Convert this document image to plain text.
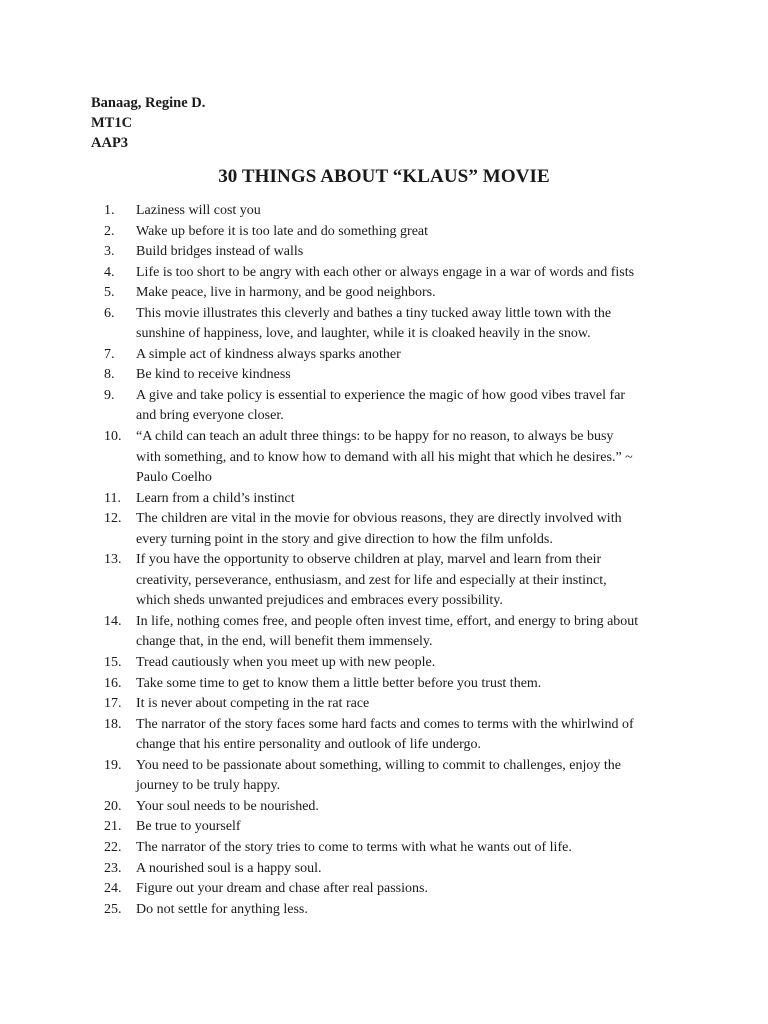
Banaag, Regine D.
MT1C
AAP3
30 THINGS ABOUT “KLAUS” MOVIE
1.	Laziness will cost you
2.	Wake up before it is too late and do something great
3.	Build bridges instead of walls
4.	Life is too short to be angry with each other or always engage in a war of words and fists
5.	Make peace, live in harmony, and be good neighbors.
6.	This movie illustrates this cleverly and bathes a tiny tucked away little town with the
sunshine of happiness, love, and laughter, while it is cloaked heavily in the snow.
7.	A simple act of kindness always sparks another
8.	Be kind to receive kindness
9.	A give and take policy is essential to experience the magic of how good vibes travel far
and bring everyone closer.
10.	“A child can teach an adult three things: to be happy for no reason, to always be busy
with something, and to know how to demand with all his might that which he desires.” ~
Paulo Coelho
11.	Learn from a child’s instinct
12.	The children are vital in the movie for obvious reasons, they are directly involved with
every turning point in the story and give direction to how the film unfolds.
13.	If you have the opportunity to observe children at play, marvel and learn from their
creativity, perseverance, enthusiasm, and zest for life and especially at their instinct,
which sheds unwanted prejudices and embraces every possibility.
14.	In life, nothing comes free, and people often invest time, effort, and energy to bring about
change that, in the end, will benefit them immensely.
15.	Tread cautiously when you meet up with new people.
16.	Take some time to get to know them a little better before you trust them.
17.	It is never about competing in the rat race
18.	The narrator of the story faces some hard facts and comes to terms with the whirlwind of
change that his entire personality and outlook of life undergo.
19.	You need to be passionate about something, willing to commit to challenges, enjoy the
journey to be truly happy.
20.	Your soul needs to be nourished.
21.	Be true to yourself
22.	The narrator of the story tries to come to terms with what he wants out of life.
23.	A nourished soul is a happy soul.
24.	Figure out your dream and chase after real passions.
25.	Do not settle for anything less.
